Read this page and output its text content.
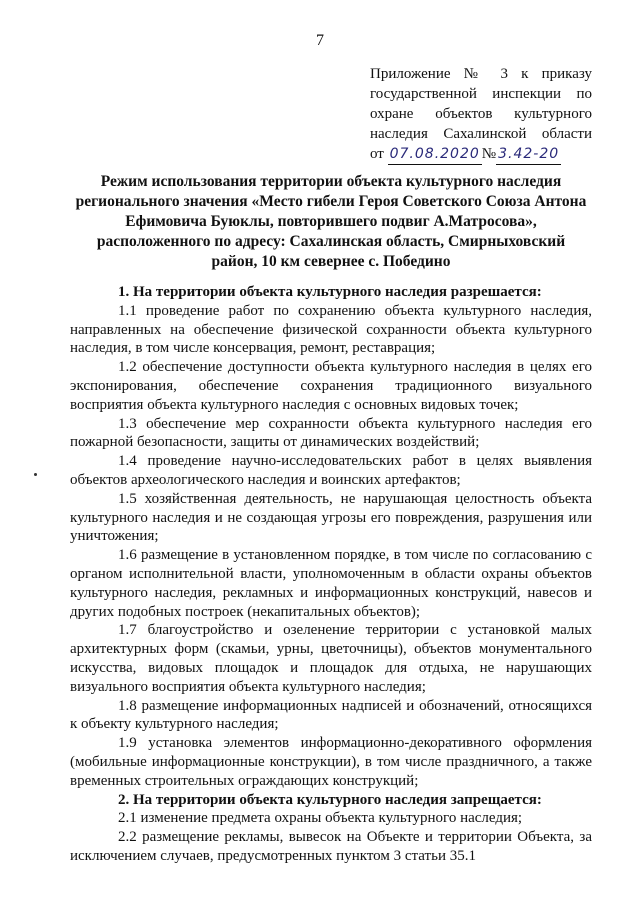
7
Приложение № 3 к приказу
государственной инспекции по
охране объектов культурного
наследия Сахалинской области
от 07.08.2020 № 3.42-20
Режим использования территории объекта культурного наследия
регионального значения «Место гибели Героя Советского Союза Антона
Ефимовича Буюклы, повторившего подвиг А.Матросова»,
расположенного по адресу: Сахалинская область, Смирныховский
район, 10 км севернее с. Победино

1. На территории объекта культурного наследия разрешается:

1.1 проведение работ по сохранению объекта культурного наследия, направленных на обеспечение физической сохранности объекта культурного наследия, в том числе консервация, ремонт, реставрация;

1.2 обеспечение доступности объекта культурного наследия в целях его экспонирования, обеспечение сохранения традиционного визуального восприятия объекта культурного наследия с основных видовых точек;

1.3 обеспечение мер сохранности объекта культурного наследия его пожарной безопасности, защиты от динамических воздействий;

1.4 проведение научно-исследовательских работ в целях выявления объектов археологического наследия и воинских артефактов;

1.5 хозяйственная деятельность, не нарушающая целостность объекта культурного наследия и не создающая угрозы его повреждения, разрушения или уничтожения;

1.6 размещение в установленном порядке, в том числе по согласованию с органом исполнительной власти, уполномоченным в области охраны объектов культурного наследия, рекламных и информационных конструкций, навесов и других подобных построек (некапитальных объектов);

1.7 благоустройство и озеленение территории с установкой малых архитектурных форм (скамьи, урны, цветочницы), объектов монументального искусства, видовых площадок и площадок для отдыха, не нарушающих визуального восприятия объекта культурного наследия;

1.8 размещение информационных надписей и обозначений, относящихся к объекту культурного наследия;

1.9 установка элементов информационно-декоративного оформления (мобильные информационные конструкции), в том числе праздничного, а также временных строительных ограждающих конструкций;

2. На территории объекта культурного наследия запрещается:

2.1 изменение предмета охраны объекта культурного наследия;

2.2 размещение рекламы, вывесок на Объекте и территории Объекта, за исключением случаев, предусмотренных пунктом 3 статьи 35.1
